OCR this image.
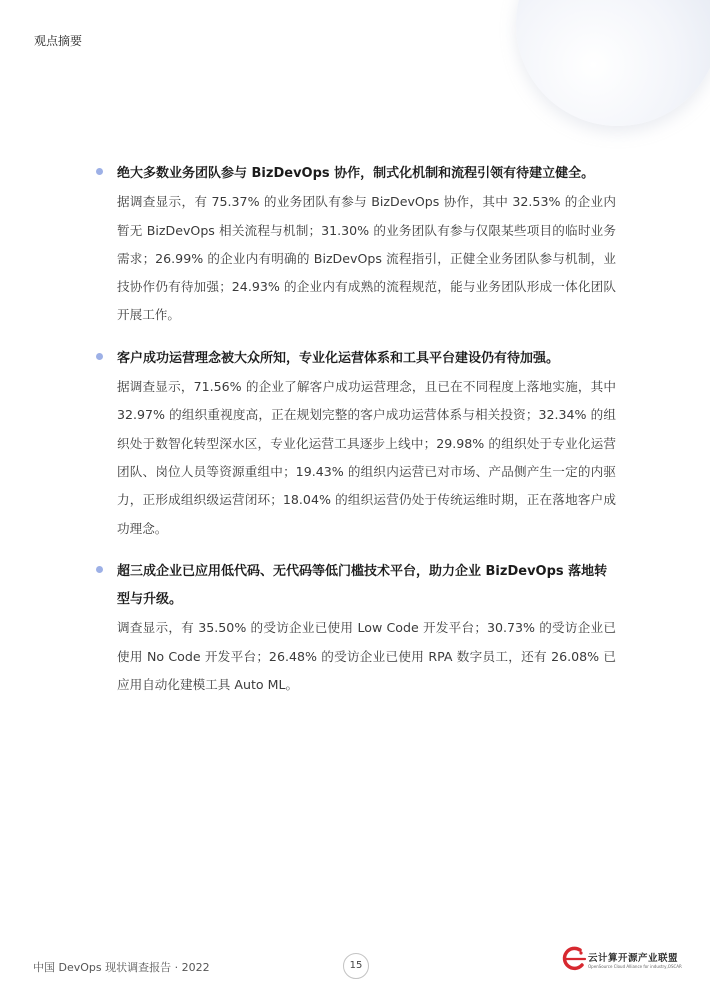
观点摘要
绝大多数业务团队参与 BizDevOps 协作，制式化机制和流程引领有待建立健全。
据调查显示，有 75.37% 的业务团队有参与 BizDevOps 协作，其中 32.53% 的企业内暂无 BizDevOps 相关流程与机制；31.30% 的业务团队有参与仅限某些项目的临时业务需求；26.99% 的企业内有明确的 BizDevOps 流程指引，正健全业务团队参与机制，业技协作仍有待加强；24.93% 的企业内有成熟的流程规范，能与业务团队形成一体化团队开展工作。
客户成功运营理念被大众所知，专业化运营体系和工具平台建设仍有待加强。
据调查显示，71.56% 的企业了解客户成功运营理念，且已在不同程度上落地实施，其中 32.97% 的组织重视度高，正在规划完整的客户成功运营体系与相关投资；32.34% 的组织处于数智化转型深水区，专业化运营工具逐步上线中；29.98% 的组织处于专业化运营团队、岗位人员等资源重组中；19.43% 的组织内运营已对市场、产品侧产生一定的内驱力，正形成组织级运营闭环；18.04% 的组织运营仍处于传统运维时期，正在落地客户成功理念。
超三成企业已应用低代码、无代码等低门槛技术平台，助力企业 BizDevOps 落地转型与升级。
调查显示，有 35.50% 的受访企业已使用 Low Code 开发平台；30.73% 的受访企业已使用 No Code 开发平台；26.48% 的受访企业已使用 RPA 数字员工，还有 26.08% 已应用自动化建模工具 Auto ML。
中国 DevOps 现状调查报告 · 2022	15
云计算开源产业联盟
OpenSource Cloud Alliance for industry,OSCAR
